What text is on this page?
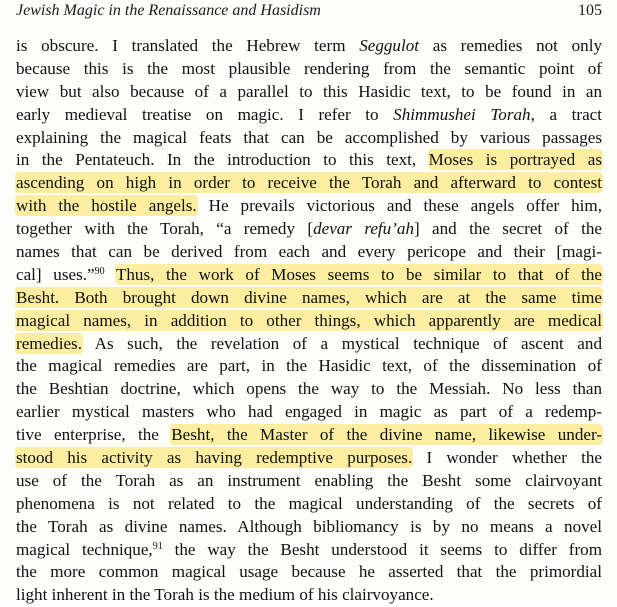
Jewish Magic in the Renaissance and Hasidism	105
is obscure. I translated the Hebrew term Seggulot as remedies not only
because this is the most plausible rendering from the semantic point of
view but also because of a parallel to this Hasidic text, to be found in an
early medieval treatise on magic. I refer to Shimmushei Torah, a tract
explaining the magical feats that can be accomplished by various passages
in the Pentateuch. In the introduction to this text, Moses is portrayed as
ascending on high in order to receive the Torah and afterward to contest
with the hostile angels. He prevails victorious and these angels offer him,
together with the Torah, “a remedy [devar refu’ah] and the secret of the
names that can be derived from each and every pericope and their [magi-
cal] uses.”$^{90}$ Thus, the work of Moses seems to be similar to that of the
Besht. Both brought down divine names, which are at the same time
magical names, in addition to other things, which apparently are medical
remedies. As such, the revelation of a mystical technique of ascent and
the magical remedies are part, in the Hasidic text, of the dissemination of
the Beshtian doctrine, which opens the way to the Messiah. No less than
earlier mystical masters who had engaged in magic as part of a redemp-
tive enterprise, the Besht, the Master of the divine name, likewise under-
stood his activity as having redemptive purposes. I wonder whether the
use of the Torah as an instrument enabling the Besht some clairvoyant
phenomena is not related to the magical understanding of the secrets of
the Torah as divine names. Although bibliomancy is by no means a novel
magical technique,$^{91}$ the way the Besht understood it seems to differ from
the more common magical usage because he asserted that the primordial
light inherent in the Torah is the medium of his clairvoyance.
